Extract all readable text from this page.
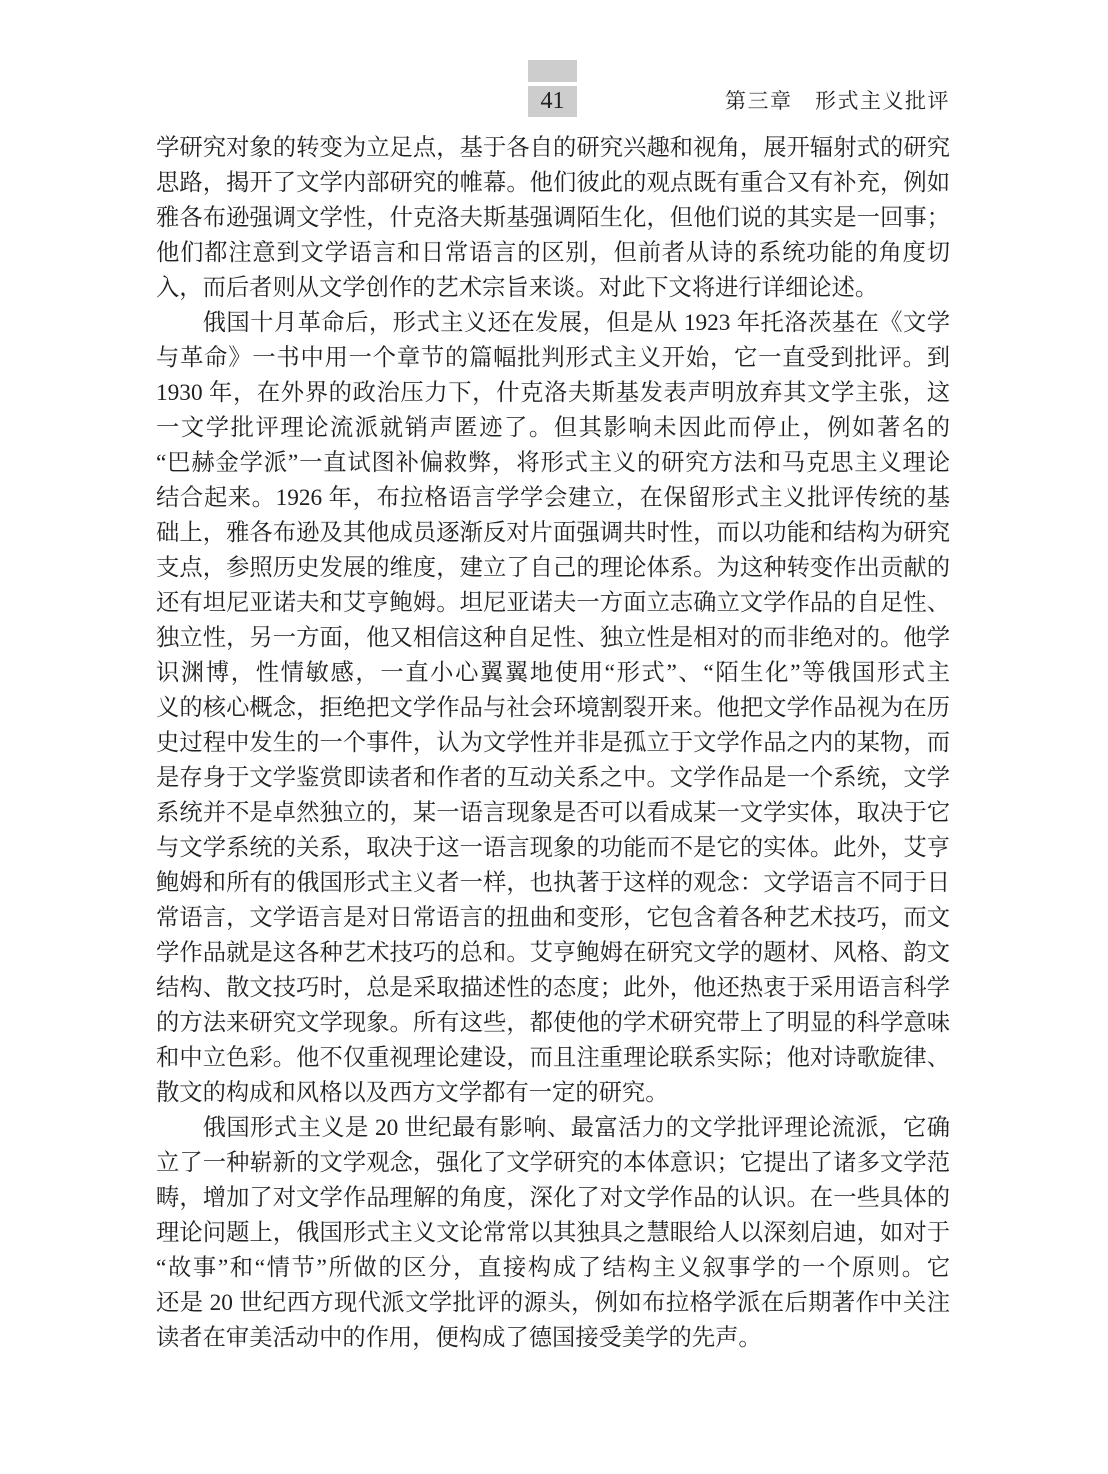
41	第三章　形式主义批评
学研究对象的转变为立足点，基于各自的研究兴趣和视角，展开辐射式的研究
思路，揭开了文学内部研究的帷幕。他们彼此的观点既有重合又有补充，例如
雅各布逊强调文学性，什克洛夫斯基强调陌生化，但他们说的其实是一回事；
他们都注意到文学语言和日常语言的区别，但前者从诗的系统功能的角度切
入，而后者则从文学创作的艺术宗旨来谈。对此下文将进行详细论述。
俄国十月革命后，形式主义还在发展，但是从 1923 年托洛茨基在《文学
与革命》一书中用一个章节的篇幅批判形式主义开始，它一直受到批评。到
1930 年，在外界的政治压力下，什克洛夫斯基发表声明放弃其文学主张，这
一文学批评理论流派就销声匿迹了。但其影响未因此而停止，例如著名的
“巴赫金学派”一直试图补偏救弊，将形式主义的研究方法和马克思主义理论
结合起来。1926 年，布拉格语言学学会建立，在保留形式主义批评传统的基
础上，雅各布逊及其他成员逐渐反对片面强调共时性，而以功能和结构为研究
支点，参照历史发展的维度，建立了自己的理论体系。为这种转变作出贡献的
还有坦尼亚诺夫和艾亨鲍姆。坦尼亚诺夫一方面立志确立文学作品的自足性、
独立性，另一方面，他又相信这种自足性、独立性是相对的而非绝对的。他学
识渊博，性情敏感，一直小心翼翼地使用“形式”、“陌生化”等俄国形式主
义的核心概念，拒绝把文学作品与社会环境割裂开来。他把文学作品视为在历
史过程中发生的一个事件，认为文学性并非是孤立于文学作品之内的某物，而
是存身于文学鉴赏即读者和作者的互动关系之中。文学作品是一个系统，文学
系统并不是卓然独立的，某一语言现象是否可以看成某一文学实体，取决于它
与文学系统的关系，取决于这一语言现象的功能而不是它的实体。此外，艾亨
鲍姆和所有的俄国形式主义者一样，也执著于这样的观念：文学语言不同于日
常语言，文学语言是对日常语言的扭曲和变形，它包含着各种艺术技巧，而文
学作品就是这各种艺术技巧的总和。艾亨鲍姆在研究文学的题材、风格、韵文
结构、散文技巧时，总是采取描述性的态度；此外，他还热衷于采用语言科学
的方法来研究文学现象。所有这些，都使他的学术研究带上了明显的科学意味
和中立色彩。他不仅重视理论建设，而且注重理论联系实际；他对诗歌旋律、
散文的构成和风格以及西方文学都有一定的研究。
俄国形式主义是 20 世纪最有影响、最富活力的文学批评理论流派，它确
立了一种崭新的文学观念，强化了文学研究的本体意识；它提出了诸多文学范
畴，增加了对文学作品理解的角度，深化了对文学作品的认识。在一些具体的
理论问题上，俄国形式主义文论常常以其独具之慧眼给人以深刻启迪，如对于
“故事”和“情节”所做的区分，直接构成了结构主义叙事学的一个原则。它
还是 20 世纪西方现代派文学批评的源头，例如布拉格学派在后期著作中关注
读者在审美活动中的作用，便构成了德国接受美学的先声。
